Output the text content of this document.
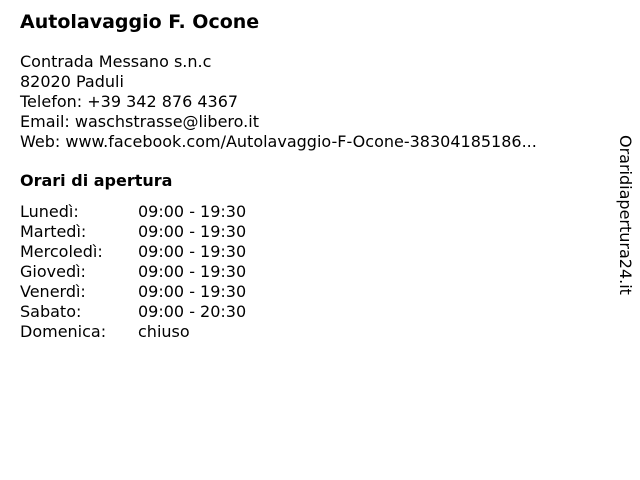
Autolavaggio F. Ocone
Contrada Messano s.n.c
82020 Paduli
Telefon: +39 342 876 4367
Email: waschstrasse@libero.it
Web: www.facebook.com/Autolavaggio-F-Ocone-38304185186...
Orari di apertura
Lunedì:	09:00 - 19:30
Martedì:	09:00 - 19:30
Mercoledì:	09:00 - 19:30
Giovedì:	09:00 - 19:30
Venerdì:	09:00 - 19:30
Sabato:	09:00 - 20:30
Domenica:	chiuso
Oraridiapertura24.it
